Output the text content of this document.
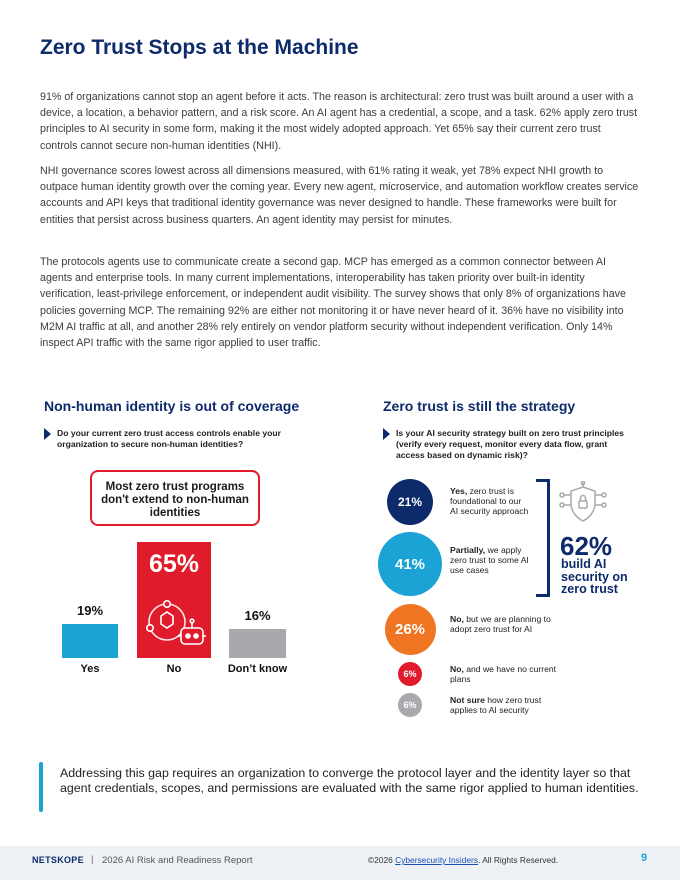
Zero Trust Stops at the Machine

91% of organizations cannot stop an agent before it acts. The reason is architectural: zero trust was built around a user with a device, a location, a behavior pattern, and a risk score. An AI agent has a credential, a scope, and a task. 62% apply zero trust principles to AI security in some form, making it the most widely adopted approach. Yet 65% say their current zero trust controls cannot secure non-human identities (NHI).

NHI governance scores lowest across all dimensions measured, with 61% rating it weak, yet 78% expect NHI growth to outpace human identity growth over the coming year. Every new agent, microservice, and automation workflow creates service accounts and API keys that traditional identity governance was never designed to handle. These frameworks were built for entities that persist across business quarters. An agent identity may persist for minutes.

The protocols agents use to communicate create a second gap. MCP has emerged as a common connector between AI agents and enterprise tools. In many current implementations, interoperability has taken priority over built-in identity verification, least-privilege enforcement, or independent audit visibility. The survey shows that only 8% of organizations have policies governing MCP. The remaining 92% are either not monitoring it or have never heard of it. 36% have no visibility into M2M AI traffic at all, and another 28% rely entirely on vendor platform security without independent verification. Only 14% inspect API traffic with the same rigor applied to user traffic.

Non-human identity is out of coverage
Do your current zero trust access controls enable your organization to secure non-human identities?
Most zero trust programs don't extend to non-human identities
19%
Yes
65%
No
16%
Don’t know
Zero trust is still the strategy
Is your AI security strategy built on zero trust principles (verify every request, monitor every data flow, grant access based on dynamic risk)?
21%
Yes, zero trust is foundational to our AI security approach
41%
Partially, we apply zero trust to some AI use cases
26%
No, but we are planning to adopt zero trust for AI
6%	No, and we have no current plans
6%	Not sure how zero trust applies to AI security
62%
build AI security on zero trust
Addressing this gap requires an organization to converge the protocol layer and the identity layer so that agent credentials, scopes, and permissions are evaluated with the same rigor applied to human identities.
NETSKOPE | 2026 AI Risk and Readiness Report	©2026 Cybersecurity Insiders. All Rights Reserved.	9
